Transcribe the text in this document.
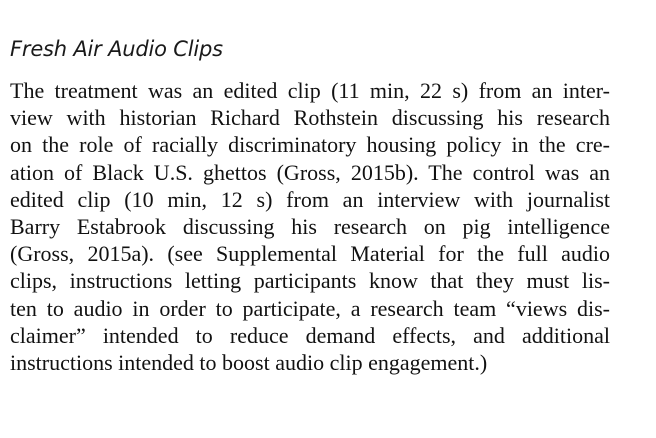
Fresh Air Audio Clips
The treatment was an edited clip (11 min, 22 s) from an inter-
view with historian Richard Rothstein discussing his research
on the role of racially discriminatory housing policy in the cre-
ation of Black U.S. ghettos (Gross, 2015b). The control was an
edited clip (10 min, 12 s) from an interview with journalist
Barry Estabrook discussing his research on pig intelligence
(Gross, 2015a). (see Supplemental Material for the full audio
clips, instructions letting participants know that they must lis-
ten to audio in order to participate, a research team “views dis-
claimer” intended to reduce demand effects, and additional
instructions intended to boost audio clip engagement.)
